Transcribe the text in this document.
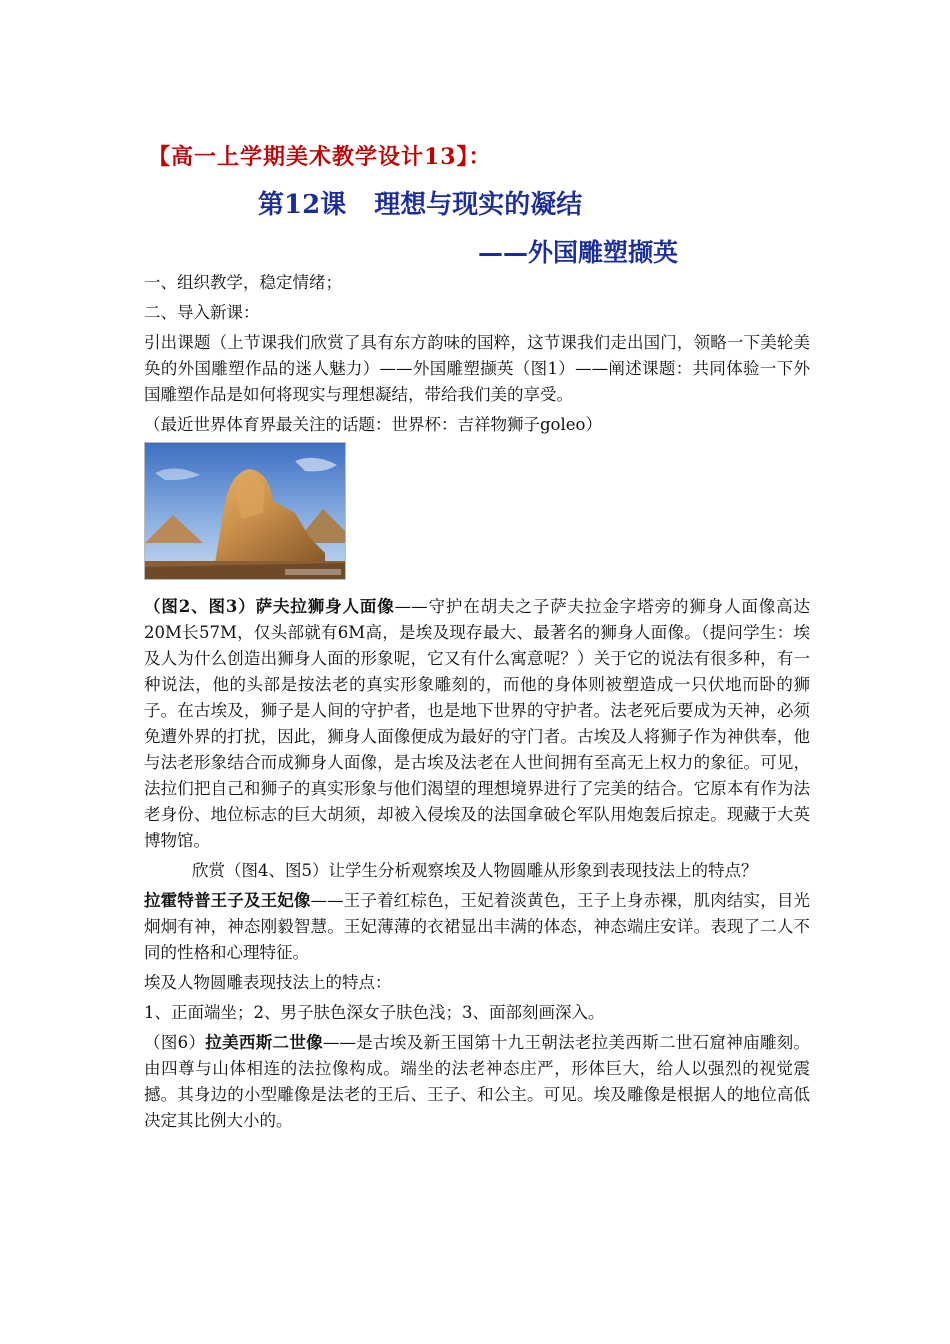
【高一上学期美术教学设计13】：
第12课 理想与现实的凝结
——外国雕塑撷英

一、组织教学，稳定情绪；

二、导入新课：

引出课题（上节课我们欣赏了具有东方韵味的国粹，这节课我们走出国门，领略一下美轮美奂的外国雕塑作品的迷人魅力）——外国雕塑撷英（图1）——阐述课题：共同体验一下外国雕塑作品是如何将现实与理想凝结，带给我们美的享受。

（最近世界体育界最关注的话题：世界杯：吉祥物狮子goleo）

（图2、图3）萨夫拉狮身人面像——守护在胡夫之子萨夫拉金字塔旁的狮身人面像高达20M长57M，仅头部就有6M高，是埃及现存最大、最著名的狮身人面像。（提问学生：埃及人为什么创造出狮身人面的形象呢，它又有什么寓意呢？）关于它的说法有很多种，有一种说法，他的头部是按法老的真实形象雕刻的，而他的身体则被塑造成一只伏地而卧的狮子。在古埃及，狮子是人间的守护者，也是地下世界的守护者。法老死后要成为天神，必须免遭外界的打扰，因此，狮身人面像便成为最好的守门者。古埃及人将狮子作为神供奉，他与法老形象结合而成狮身人面像，是古埃及法老在人世间拥有至高无上权力的象征。可见，法拉们把自己和狮子的真实形象与他们渴望的理想境界进行了完美的结合。它原本有作为法老身份、地位标志的巨大胡须，却被入侵埃及的法国拿破仑军队用炮轰后掠走。现藏于大英博物馆。

欣赏（图4、图5）让学生分析观察埃及人物圆雕从形象到表现技法上的特点？

拉霍特普王子及王妃像——王子着红棕色，王妃着淡黄色，王子上身赤裸，肌肉结实，目光炯炯有神，神态刚毅智慧。王妃薄薄的衣裙显出丰满的体态，神态端庄安详。表现了二人不同的性格和心理特征。

埃及人物圆雕表现技法上的特点：

1、正面端坐；2、男子肤色深女子肤色浅；3、面部刻画深入。

（图6）拉美西斯二世像——是古埃及新王国第十九王朝法老拉美西斯二世石窟神庙雕刻。由四尊与山体相连的法拉像构成。端坐的法老神态庄严，形体巨大，给人以强烈的视觉震撼。其身边的小型雕像是法老的王后、王子、和公主。可见。埃及雕像是根据人的地位高低决定其比例大小的。
